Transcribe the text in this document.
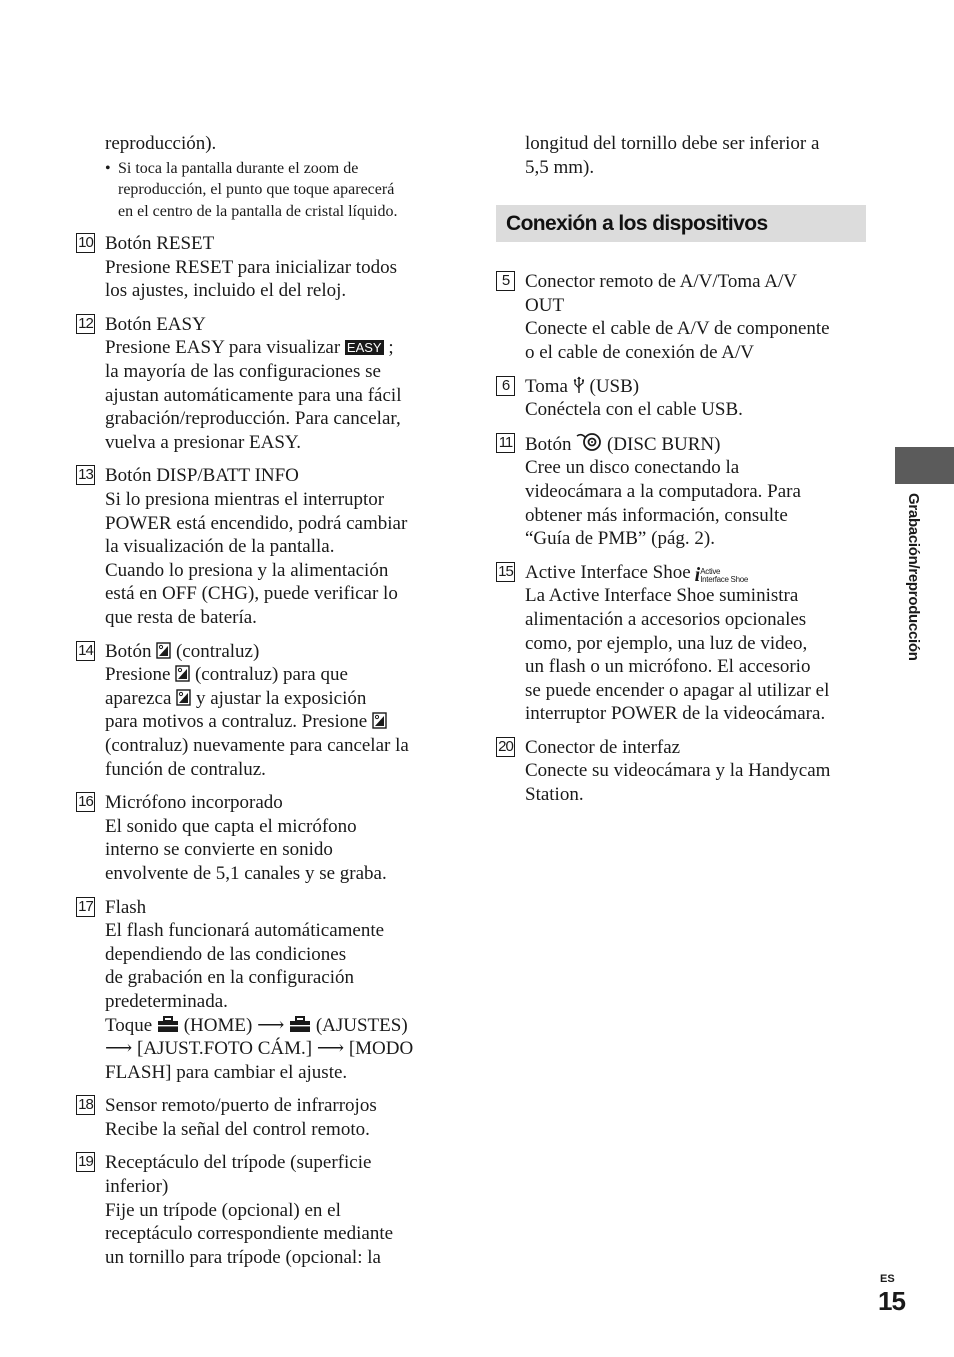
reproducción).
• Si toca la pantalla durante el zoom de
reproducción, el punto que toque aparecerá
en el centro de la pantalla de cristal líquido.
10 Botón RESET
Presione RESET para inicializar todos
los ajustes, incluido el del reloj.
12 Botón EASY
Presione EASY para visualizar EASY ;
la mayoría de las configuraciones se
ajustan automáticamente para una fácil
grabación/reproducción. Para cancelar,
vuelva a presionar EASY.
13 Botón DISP/BATT INFO
Si lo presiona mientras el interruptor
POWER está encendido, podrá cambiar
la visualización de la pantalla.
Cuando lo presiona y la alimentación
está en OFF (CHG), puede verificar lo
que resta de batería.
14 Botón (contraluz)
Presione (contraluz) para que
aparezca y ajustar la exposición
para motivos a contraluz. Presione
(contraluz) nuevamente para cancelar la
función de contraluz.
16 Micrófono incorporado
El sonido que capta el micrófono
interno se convierte en sonido
envolvente de 5,1 canales y se graba.
17 Flash
El flash funcionará automáticamente
dependiendo de las condiciones
de grabación en la configuración
predeterminada.
Toque (HOME) ⟶ (AJUSTES)
⟶ [AJUST.FOTO CÁM.] ⟶ [MODO
FLASH] para cambiar el ajuste.
18 Sensor remoto/puerto de infrarrojos
Recibe la señal del control remoto.
19 Receptáculo del trípode (superficie
inferior)
Fije un trípode (opcional) en el
receptáculo correspondiente mediante
un tornillo para trípode (opcional: la
longitud del tornillo debe ser inferior a
5,5 mm).
Conexión a los dispositivos
5 Conector remoto de A/V/Toma A/V
OUT
Conecte el cable de A/V de componente
o el cable de conexión de A/V
6 Toma (USB)
Conéctela con el cable USB.
11 Botón (DISC BURN)
Cree un disco conectando la
videocámara a la computadora. Para
obtener más información, consulte
“Guía de PMB” (pág. 2).
15 Active Interface Shoe i Active
Interface Shoe
La Active Interface Shoe suministra
alimentación a accesorios opcionales
como, por ejemplo, una luz de video,
un flash o un micrófono. El accesorio
se puede encender o apagar al utilizar el
interruptor POWER de la videocámara.
20 Conector de interfaz
Conecte su videocámara y la Handycam
Station.
Grabación/reproducción
ES
15
